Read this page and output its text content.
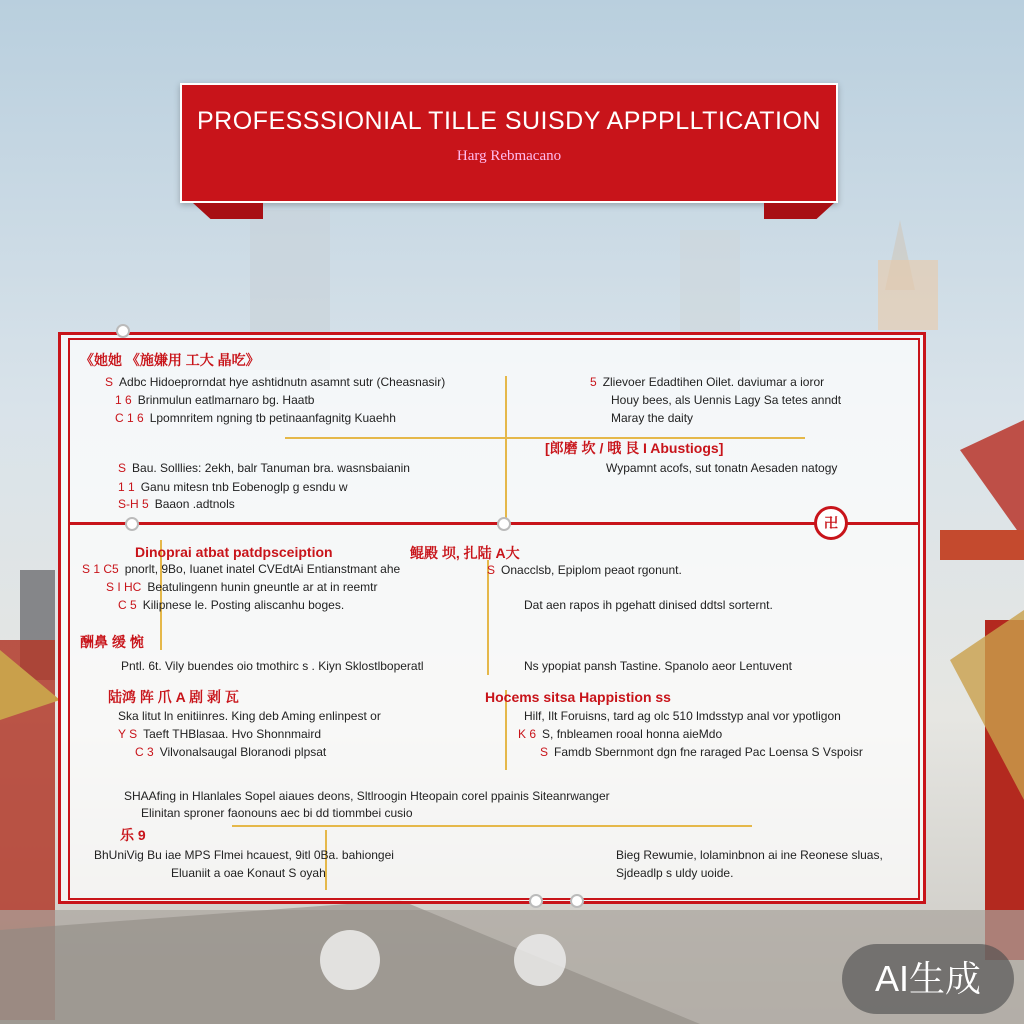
PROFESSSIONIAL TILLE SUISDY APPPLLTICATION
Harg Rebmacano
卍
《她她 《施嫌用 工大 晶吃》
S Adbc Hidoeprorndat hye ashtidnutn asamnt sutr (Cheasnasir)
1 6 Brinmulun eatlmarnaro bg. Haatb
C 1 6 Lpomnritem ngning tb petinaanfagnitg Kuaehh
S Bau. Solllies: 2ekh, balr Tanuman bra. wasnsbaianin
1 1 Ganu mitesn tnb Eobenoglp g esndu w
S-H 5 Baaon .adtnols
5 Zlievoer Edadtihen Oilet. daviumar a ioror
Houy bees, als Uennis Lagy Sa tetes anndt
Maray the daity
[郎磨 坎 / 哦 艮 I Abustiogs]
Wypamnt acofs, sut tonatn Aesaden natogy
Dinoprai atbat patdpsceiption
S 1 C5 pnorlt, 9Bo, Iuanet inatel CVEdtAi Entianstmant ahe
S I HC Beatulingenn hunin gneuntle ar at in reemtr
C 5 Kilipnese le. Posting aliscanhu boges.
鲲殿 坝, 扎陆 A大
S Onacclsb, Epiplom peaot rgonunt.
Dat aen rapos ih pgehatt dinised ddtsl sorternt.
酬鼻 缓 惋
Pntl. 6t. Vily buendes oio tmothirc s . Kiyn Sklostlboperatl	Ns ypopiat pansh Tastine. Spanolo aeor Lentuvent
陆鸿 阵 爪 A 剧 剥 瓦
Ska litut ln enitiinres. King deb Aming enlinpest or
Y S Taeft THBlasaa. Hvo Shonnmaird
C 3 Vilvonalsaugal Bloranodi plpsat
Hocems sitsa Happistion ss
Hilf, Ilt Foruisns, tard ag olc 510 lmdsstyp anal vor ypotligon
K 6 S, fnbleamen rooal honna aieMdo
S Famdb Sbernmont dgn fne raraged Pac Loensa S Vspoisr
SHAAfing in Hlanlales Sopel aiaues deons, Sltlroogin Hteopain corel ppainis Siteanrwanger
Elinitan sproner faonouns aec bi dd tiommbei cusio
乐 9
BhUniVig Bu iae MPS Flmei hcauest, 9itl 0Ba. bahiongei
Eluaniit a oae Konaut S oyah
Bieg Rewumie, lolaminbnon ai ine Reonese sluas,
Sjdeadlp s uldy uoide.
AI生成
